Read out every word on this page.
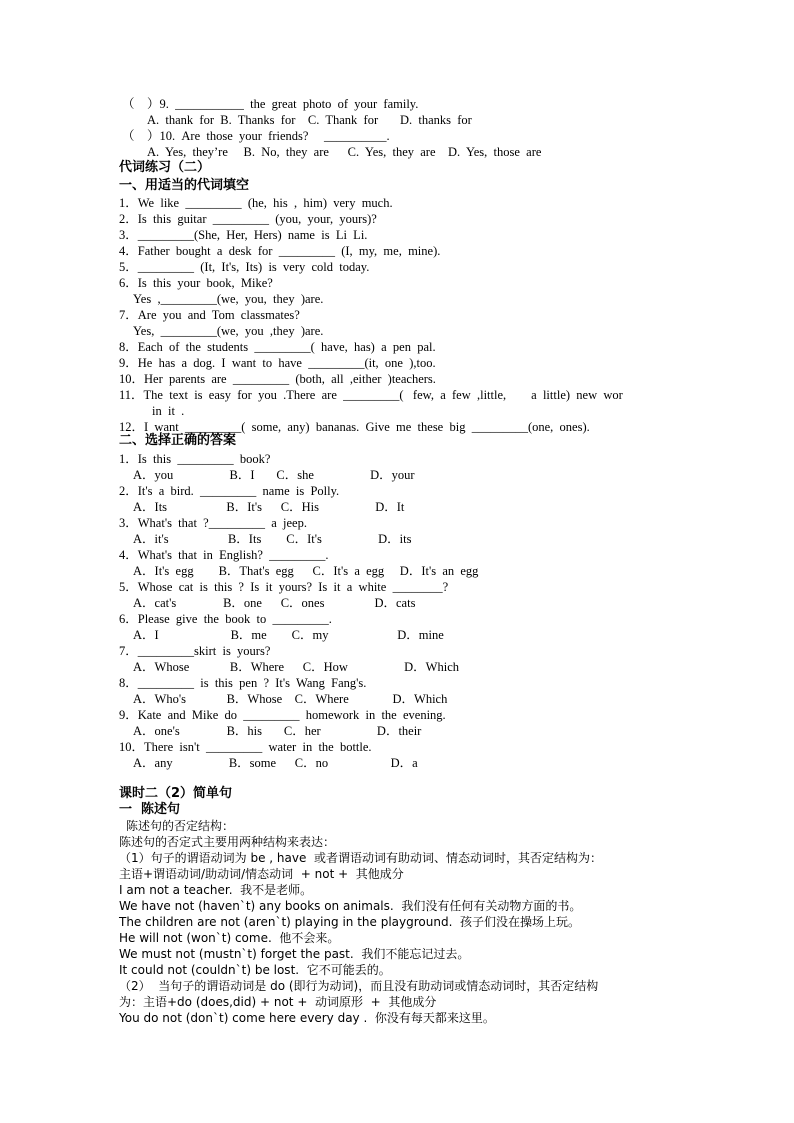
（    ）9.  ___________  the  great  photo  of  your  family.
A.  thank  for  B.  Thanks  for    C.  Thank  for       D.  thanks  for
（    ）10.  Are  those  your  friends?     __________.
A.  Yes,  they’re     B.  No,  they  are      C.  Yes,  they  are    D.  Yes,  those  are
代词练习（二）
一、用适当的代词填空
1．We  like  _________  (he,  his  ,  him)  very  much.
2．Is  this  guitar  _________  (you,  your,  yours)?
3．_________(She,  Her,  Hers)  name  is  Li  Li.
4．Father  bought  a  desk  for  _________  (I,  my,  me,  mine).
5．_________  (It,  It's,  Its)  is  very  cold  today.
6．Is  this  your  book,  Mike?
Yes  ,_________(we,  you,  they  )are.
7．Are  you  and  Tom  classmates?
Yes,  _________(we,  you  ,they  )are.
8．Each  of  the  students  _________(  have,  has)  a  pen  pal.
9．He  has  a  dog.  I  want  to  have  _________(it,  one  ),too.
10．Her  parents  are  _________  (both,  all  ,either  )teachers.
11．The  text  is  easy  for  you  .There  are  _________(   few,  a  few  ,little,        a  little)  new  wor
in  it  .
12．I  want  _________(  some,  any)  bananas.  Give  me  these  big  _________(one,  ones).
二、选择正确的答案
1．Is  this  _________  book?
A．you                  B．I       C．she                  D．your
2．It's  a  bird.  _________  name  is  Polly.
A．Its                   B．It's      C．His                  D．It
3．What's  that  ?_________  a  jeep.
A．it's                   B．Its        C．It's                  D．its
4．What's  that  in  English?  _________.
A．It's  egg        B．That's  egg      C．It's  a  egg     D．It's  an  egg
5．Whose  cat  is  this  ?  Is  it  yours?  Is  it  a  white  ________?
A．cat's               B．one      C．ones                D．cats
6．Please  give  the  book  to  _________.
A．I                       B．me        C．my                      D．mine
7．_________skirt  is  yours?
A．Whose             B．Where      C．How                  D．Which
8．_________  is  this  pen  ?  It's  Wang  Fang's.
A．Who's             B．Whose    C．Where              D．Which
9．Kate  and  Mike  do  _________  homework  in  the  evening.
A．one's               B．his       C．her                  D．their
10．There  isn't  _________  water  in  the  bottle.
A．any                  B．some      C．no                    D．a
课时二（2）简单句
一  陈述句
陈述句的否定结构：
陈述句的否定式主要用两种结构来表达：
（1）句子的谓语动词为 be , have  或者谓语动词有助动词、情态动词时，其否定结构为：
主语+谓语动词/助动词/情态动词  + not +  其他成分
I am not a teacher.  我不是老师。
We have not (haven`t) any books on animals.  我们没有任何有关动物方面的书。
The children are not (aren`t) playing in the playground.  孩子们没在操场上玩。
He will not (won`t) come.  他不会来。
We must not (mustn`t) forget the past.  我们不能忘记过去。
It could not (couldn`t) be lost.  它不可能丢的。
（2）  当句子的谓语动词是 do (即行为动词)，而且没有助动词或情态动词时，其否定结构
为：主语+do (does,did) + not +  动词原形  +  其他成分
You do not (don`t) come here every day .  你没有每天都来这里。
